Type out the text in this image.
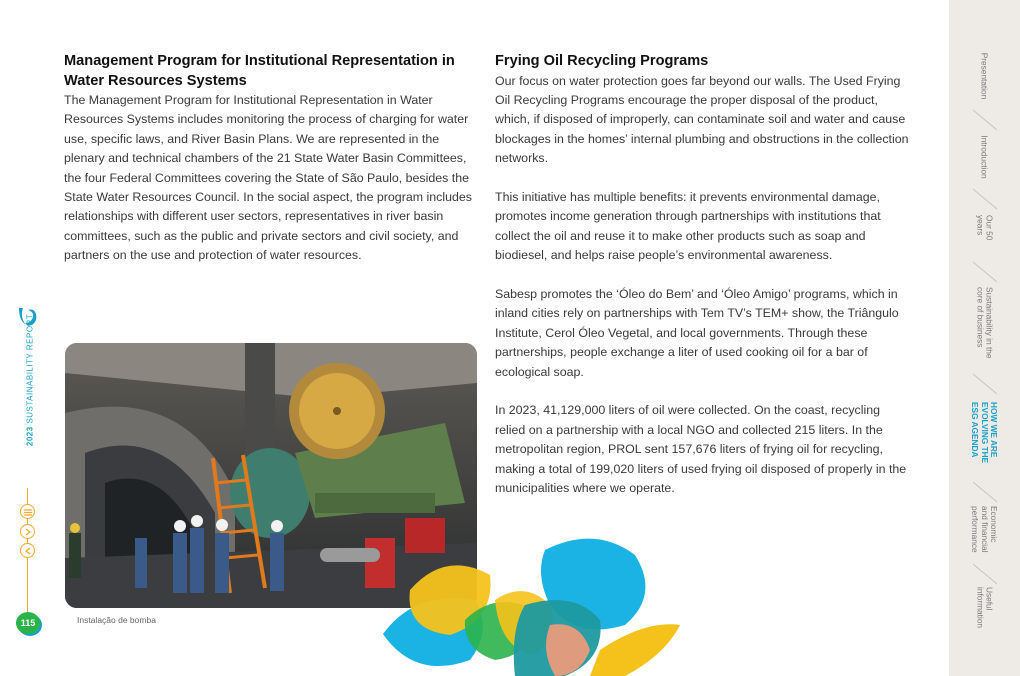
Management Program for Institutional Representation in Water Resources Systems

The Management Program for Institutional Representation in Water Resources Systems includes monitoring the process of charging for water use, specific laws, and River Basin Plans. We are represented in the plenary and technical chambers of the 21 State Water Basin Committees, the four Federal Committees covering the State of São Paulo, besides the State Water Resources Council. In the social aspect, the program includes relationships with different user sectors, representatives in river basin committees, such as the public and private sectors and civil society, and partners on the use and protection of water resources.

Frying Oil Recycling Programs

Our focus on water protection goes far beyond our walls. The Used Frying Oil Recycling Programs encourage the proper disposal of the product, which, if disposed of improperly, can contaminate soil and water and cause blockages in the homes’ internal plumbing and obstructions in the collection networks.

This initiative has multiple benefits: it prevents environmental damage, promotes income generation through partnerships with institutions that collect the oil and reuse it to make other products such as soap and biodiesel, and helps raise people’s environmental awareness.

Sabesp promotes the ‘Óleo do Bem’ and ‘Óleo Amigo’ programs, which in inland cities rely on partnerships with Tem TV’s TEM+ show, the Triângulo Institute, Cerol Óleo Vegetal, and local governments. Through these partnerships, people exchange a liter of used cooking oil for a bar of ecological soap.

In 2023, 41,129,000 liters of oil were collected. On the coast, recycling relied on a partnership with a local NGO and collected 215 liters. In the metropolitan region, PROL sent 157,676 liters of frying oil for recycling, making a total of 199,020 liters of used frying oil disposed of properly in the municipalities where we operate.

Instalação de bomba
2023 SUSTAINABILITY REPORT
115
Presentation
Introduction
Our 50 years
Sustainability in the core of business
HOW WE ARE EVOLVING THE ESG AGENDA
Economic and financial performance
Useful information
